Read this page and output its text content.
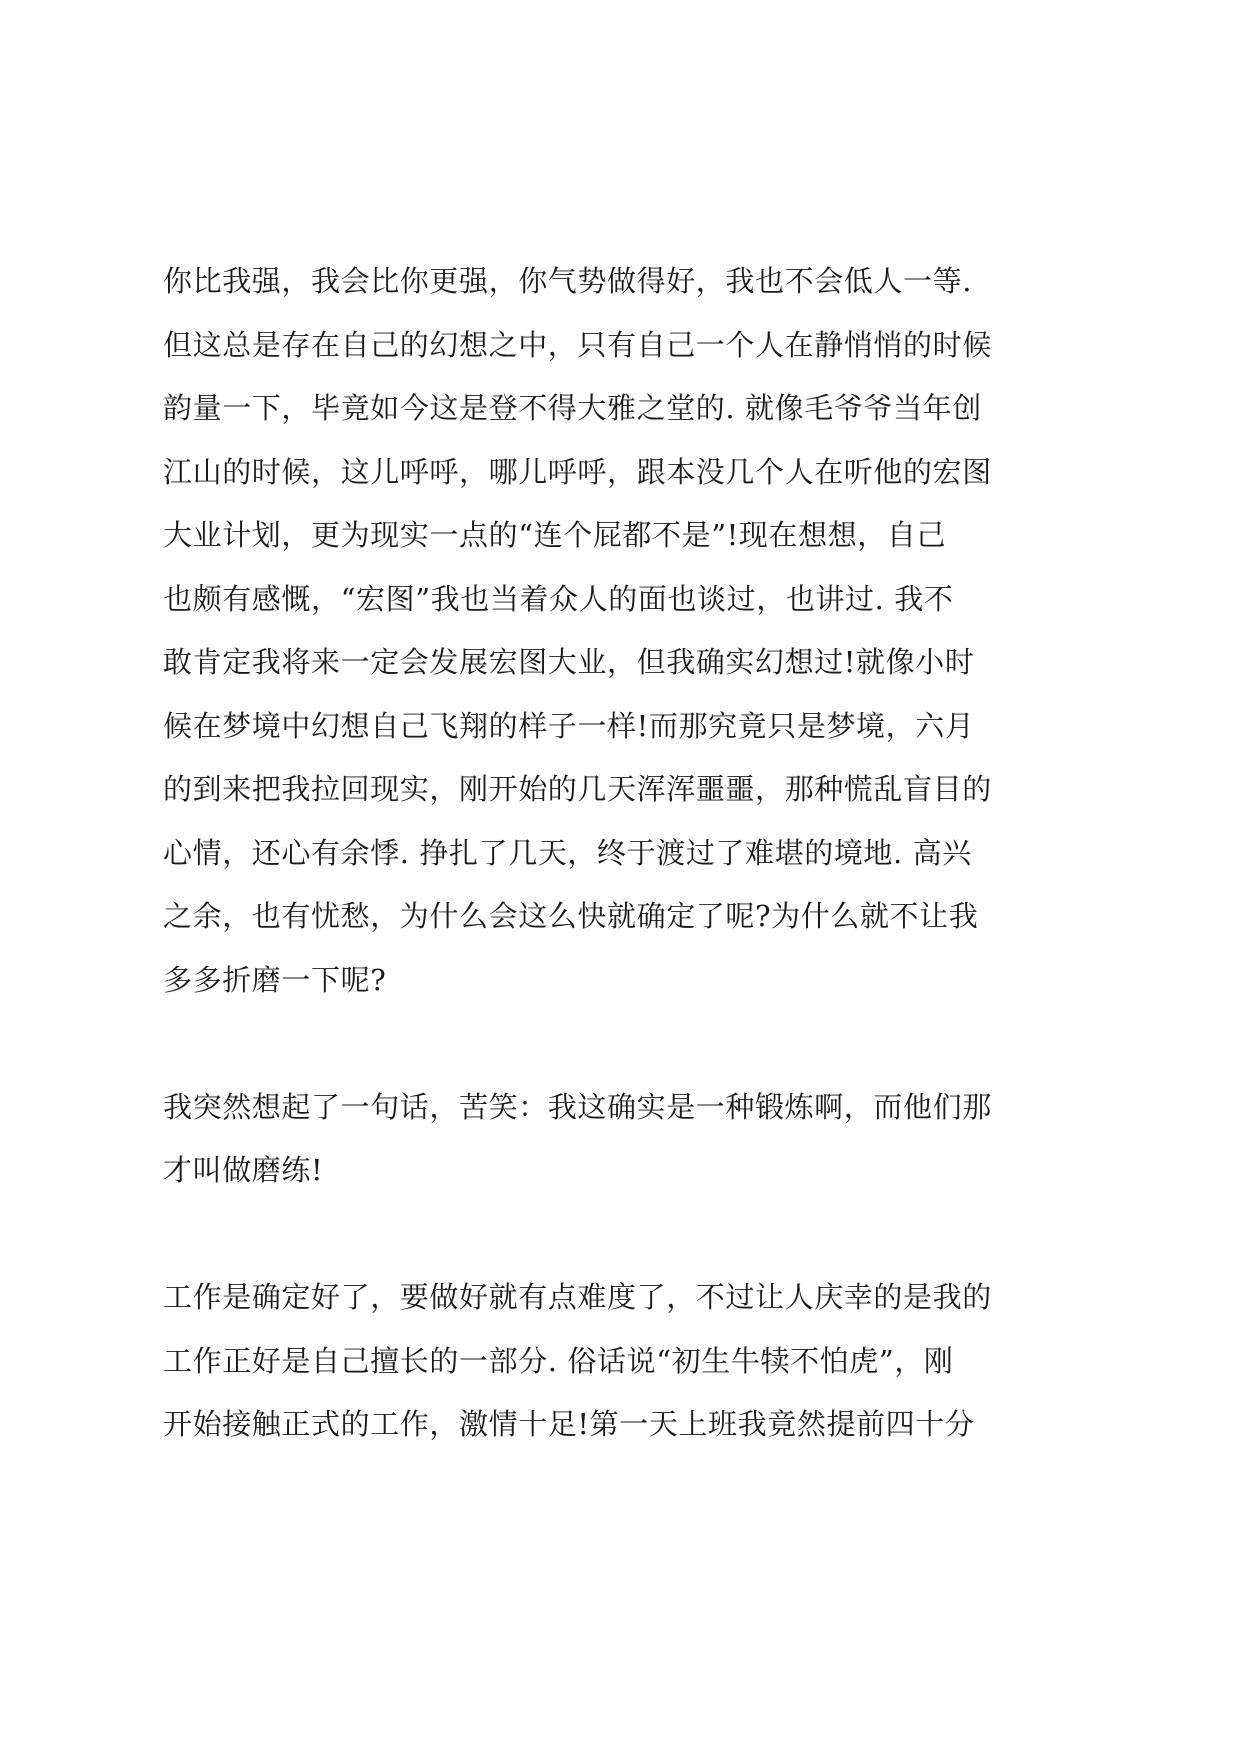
你比我强，我会比你更强，你气势做得好，我也不会低人一等.
但这总是存在自己的幻想之中，只有自己一个人在静悄悄的时候
韵量一下，毕竟如今这是登不得大雅之堂的. 就像毛爷爷当年创
江山的时候，这儿呼呼，哪儿呼呼，跟本没几个人在听他的宏图
大业计划，更为现实一点的“连个屁都不是”!现在想想，自己
也颇有感慨，“宏图”我也当着众人的面也谈过，也讲过. 我不
敢肯定我将来一定会发展宏图大业，但我确实幻想过!就像小时
候在梦境中幻想自己飞翔的样子一样!而那究竟只是梦境，六月
的到来把我拉回现实，刚开始的几天浑浑噩噩，那种慌乱盲目的
心情，还心有余悸. 挣扎了几天，终于渡过了难堪的境地. 高兴
之余，也有忧愁，为什么会这么快就确定了呢?为什么就不让我
多多折磨一下呢?
我突然想起了一句话，苦笑：我这确实是一种锻炼啊，而他们那
才叫做磨练!
工作是确定好了，要做好就有点难度了，不过让人庆幸的是我的
工作正好是自己擅长的一部分. 俗话说“初生牛犊不怕虎”，刚
开始接触正式的工作，激情十足!第一天上班我竟然提前四十分
